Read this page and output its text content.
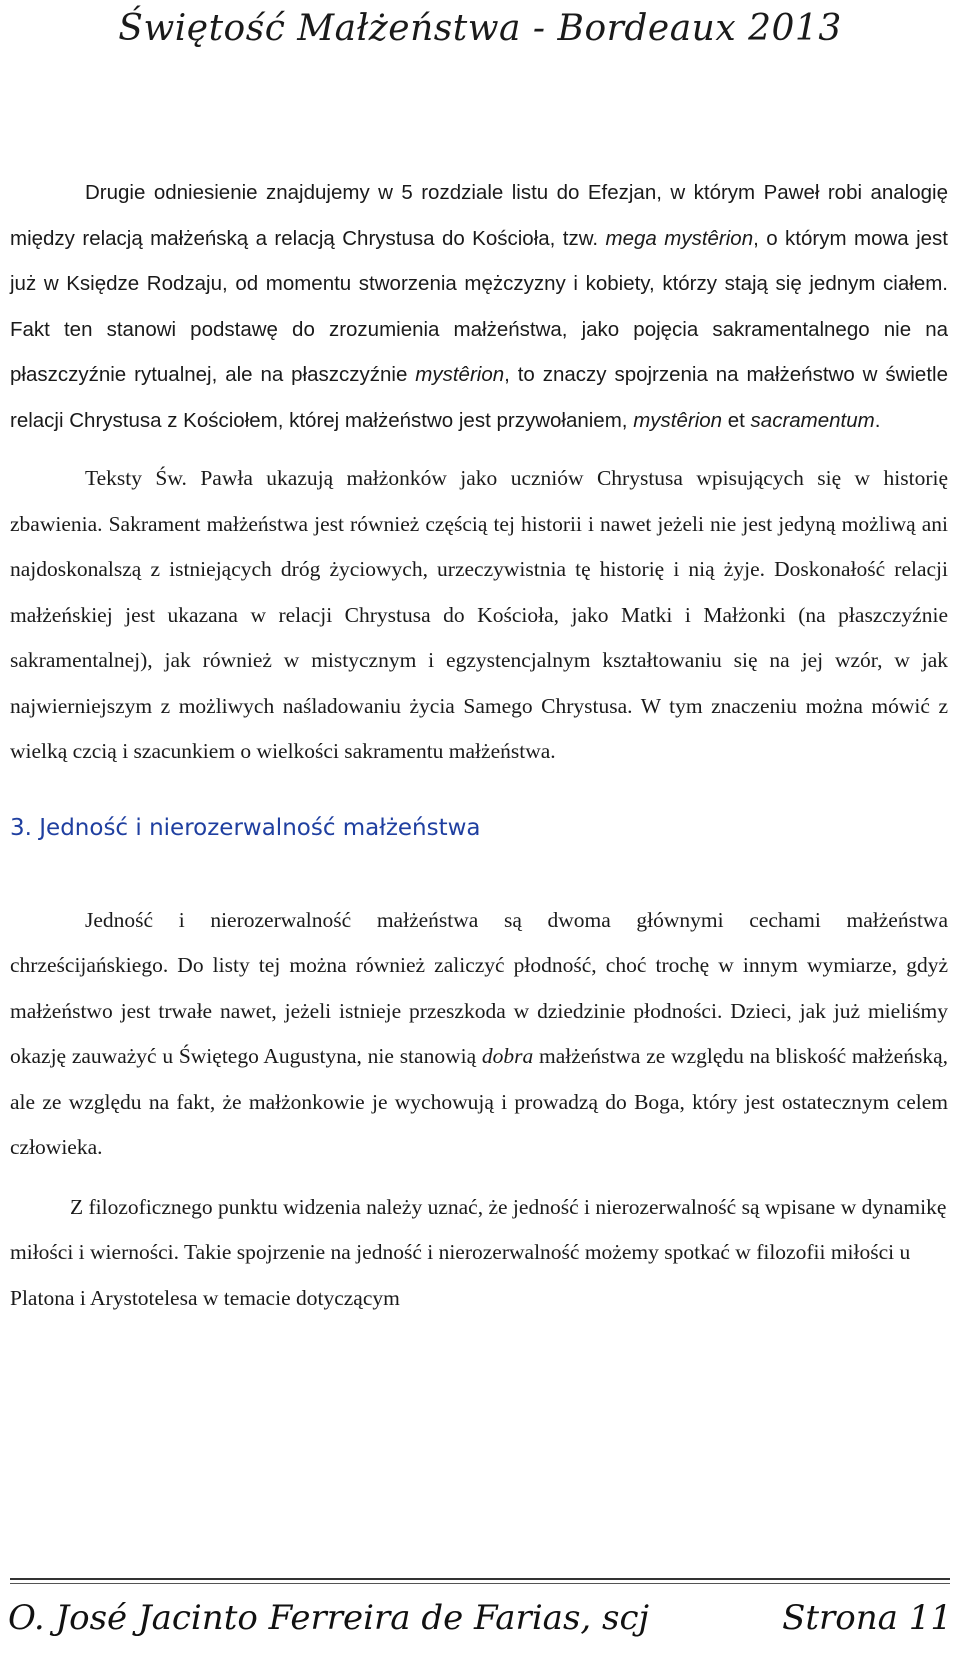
Świętość Małżeństwa - Bordeaux 2013

Drugie odniesienie znajdujemy w 5 rozdziale listu do Efezjan, w którym Paweł robi analogię między relacją małżeńską a relacją Chrystusa do Kościoła, tzw. mega mystêrion, o którym mowa jest już w Księdze Rodzaju, od momentu stworzenia mężczyzny i kobiety, którzy stają się jednym ciałem. Fakt ten stanowi podstawę do zrozumienia małżeństwa, jako pojęcia sakramentalnego nie na płaszczyźnie rytualnej, ale na płaszczyźnie mystêrion, to znaczy spojrzenia na małżeństwo w świetle relacji Chrystusa z Kościołem, której małżeństwo jest przywołaniem, mystêrion et sacramentum.

Teksty Św. Pawła ukazują małżonków jako uczniów Chrystusa wpisujących się w historię zbawienia. Sakrament małżeństwa jest również częścią tej historii i nawet jeżeli nie jest jedyną możliwą ani najdoskonalszą z istniejących dróg życiowych, urzeczywistnia tę historię i nią żyje. Doskonałość relacji małżeńskiej jest ukazana w relacji Chrystusa do Kościoła, jako Matki i Małżonki (na płaszczyźnie sakramentalnej), jak również w mistycznym i egzystencjalnym kształtowaniu się na jej wzór, w jak najwierniejszym z możliwych naśladowaniu życia Samego Chrystusa. W tym znaczeniu można mówić z wielką czcią i szacunkiem o wielkości sakramentu małżeństwa.

3. Jedność i nierozerwalność małżeństwa

Jedność i nierozerwalność małżeństwa są dwoma głównymi cechami małżeństwa chrześcijańskiego. Do listy tej można również zaliczyć płodność, choć trochę w innym wymiarze, gdyż małżeństwo jest trwałe nawet, jeżeli istnieje przeszkoda w dziedzinie płodności. Dzieci, jak już mieliśmy okazję zauważyć u Świętego Augustyna, nie stanowią dobra małżeństwa ze względu na bliskość małżeńską, ale ze względu na fakt, że małżonkowie je wychowują i prowadzą do Boga, który jest ostatecznym celem człowieka.

Z filozoficznego punktu widzenia należy uznać, że jedność i nierozerwalność są wpisane w dynamikę miłości i wierności. Takie spojrzenie na jedność i nierozerwalność możemy spotkać w filozofii miłości u Platona i Arystotelesa w temacie dotyczącym

O. José Jacinto Ferreira de Farias, scj	Strona 11
